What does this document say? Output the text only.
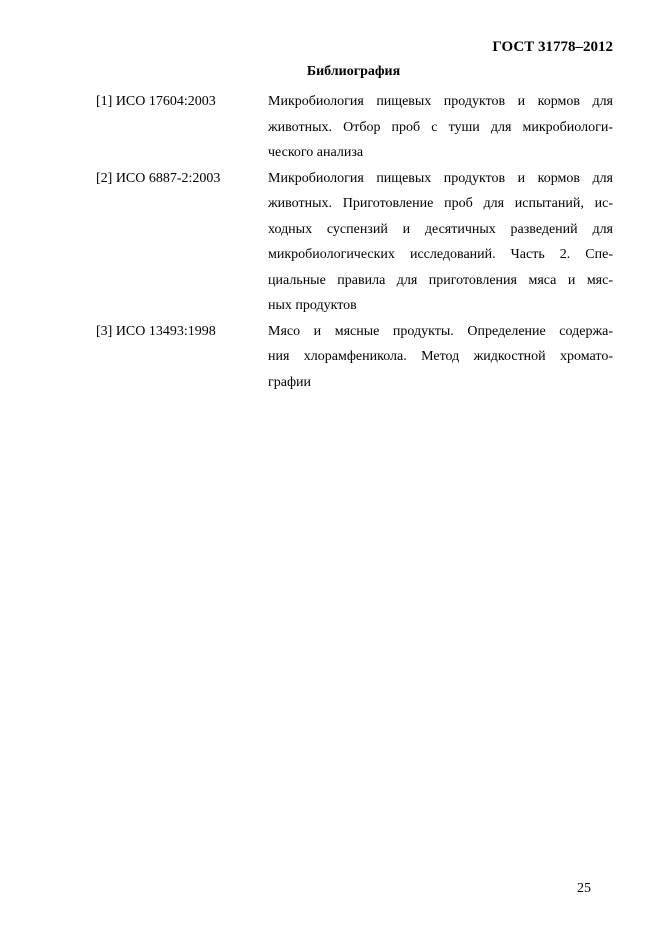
ГОСТ 31778–2012
Библиография
[1] ИСО 17604:2003	Микробиология пищевых продуктов и кормов для
животных. Отбор проб с туши для микробиологи-
ческого анализа
[2] ИСО 6887-2:2003	Микробиология пищевых продуктов и кормов для
животных. Приготовление проб для испытаний, ис-
ходных суспензий и десятичных разведений для
микробиологических исследований. Часть 2. Спе-
циальные правила для приготовления мяса и мяс-
ных продуктов
[3] ИСО 13493:1998	Мясо и мясные продукты. Определение содержа-
ния хлорамфеникола. Метод жидкостной хромато-
графии
25
